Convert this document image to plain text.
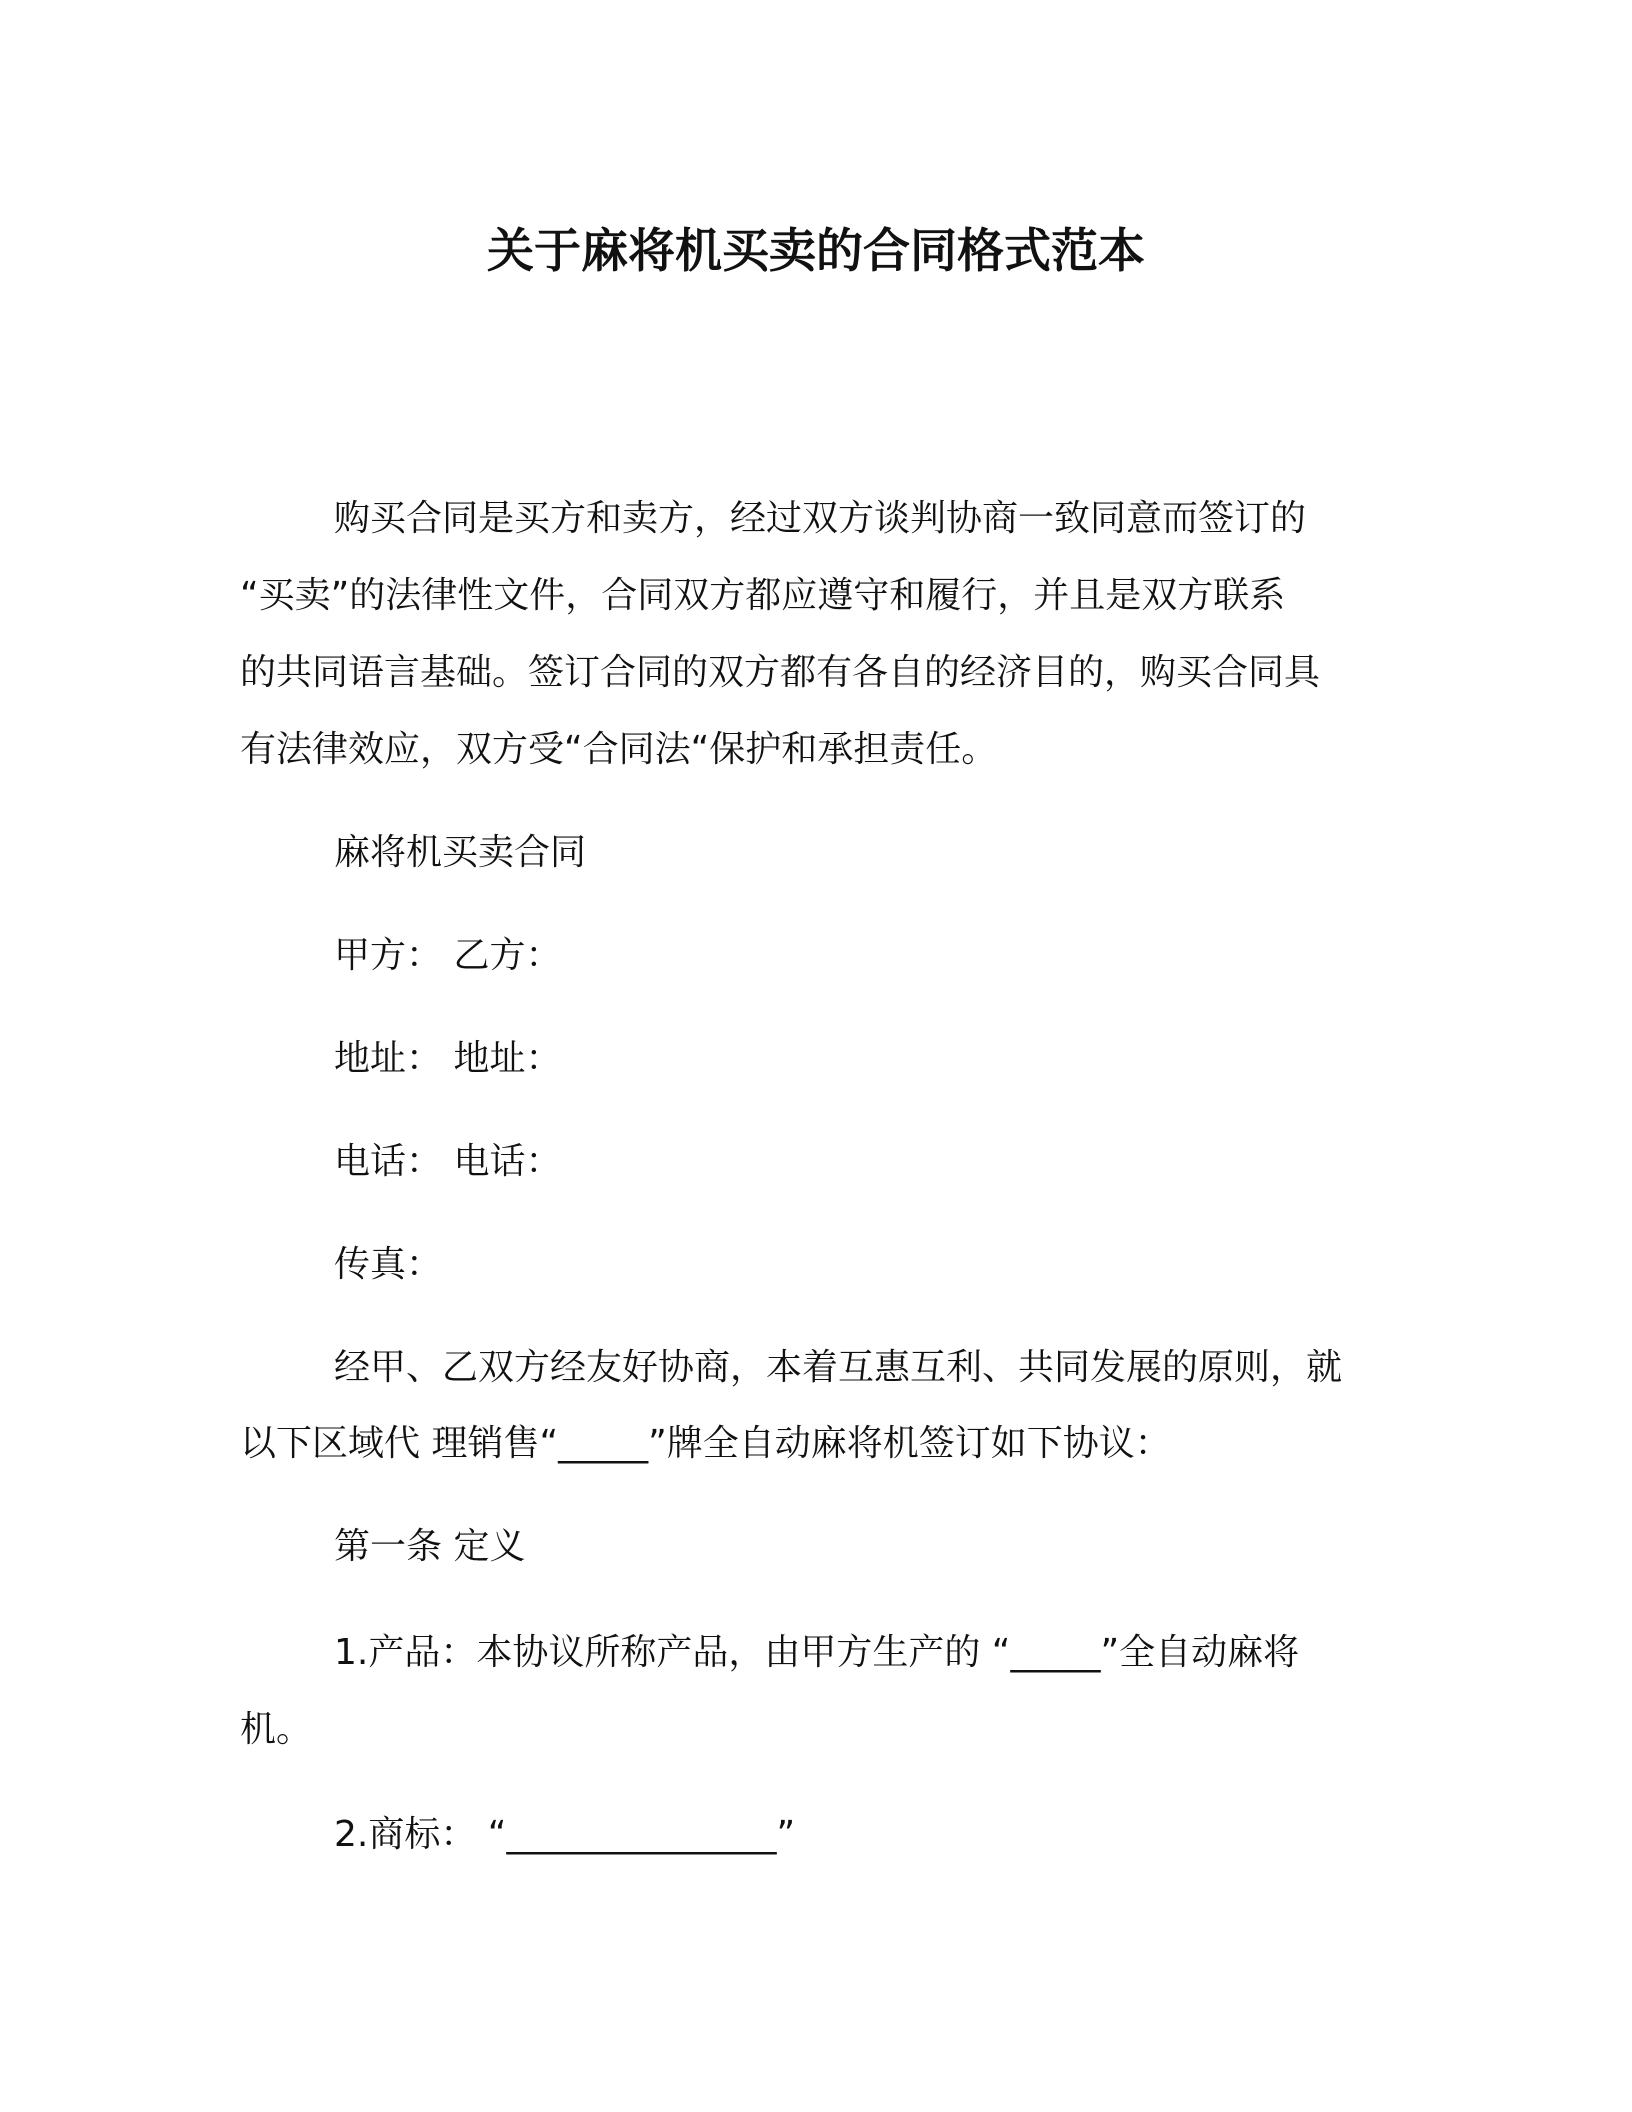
关于麻将机买卖的合同格式范本
购买合同是买方和卖方，经过双方谈判协商一致同意而签订的
“买卖”的法律性文件，合同双方都应遵守和履行，并且是双方联系
的共同语言基础。签订合同的双方都有各自的经济目的，购买合同具
有法律效应，双方受“合同法“保护和承担责任。
麻将机买卖合同
甲方： 乙方：
地址： 地址：
电话： 电话：
传真：
经甲、乙双方经友好协商，本着互惠互利、共同发展的原则，就
以下区域代 理销售“_____”牌全自动麻将机签订如下协议：
第一条 定义
1.产品：本协议所称产品，由甲方生产的 “_____”全自动麻将
机。
2.商标： “_______________”
